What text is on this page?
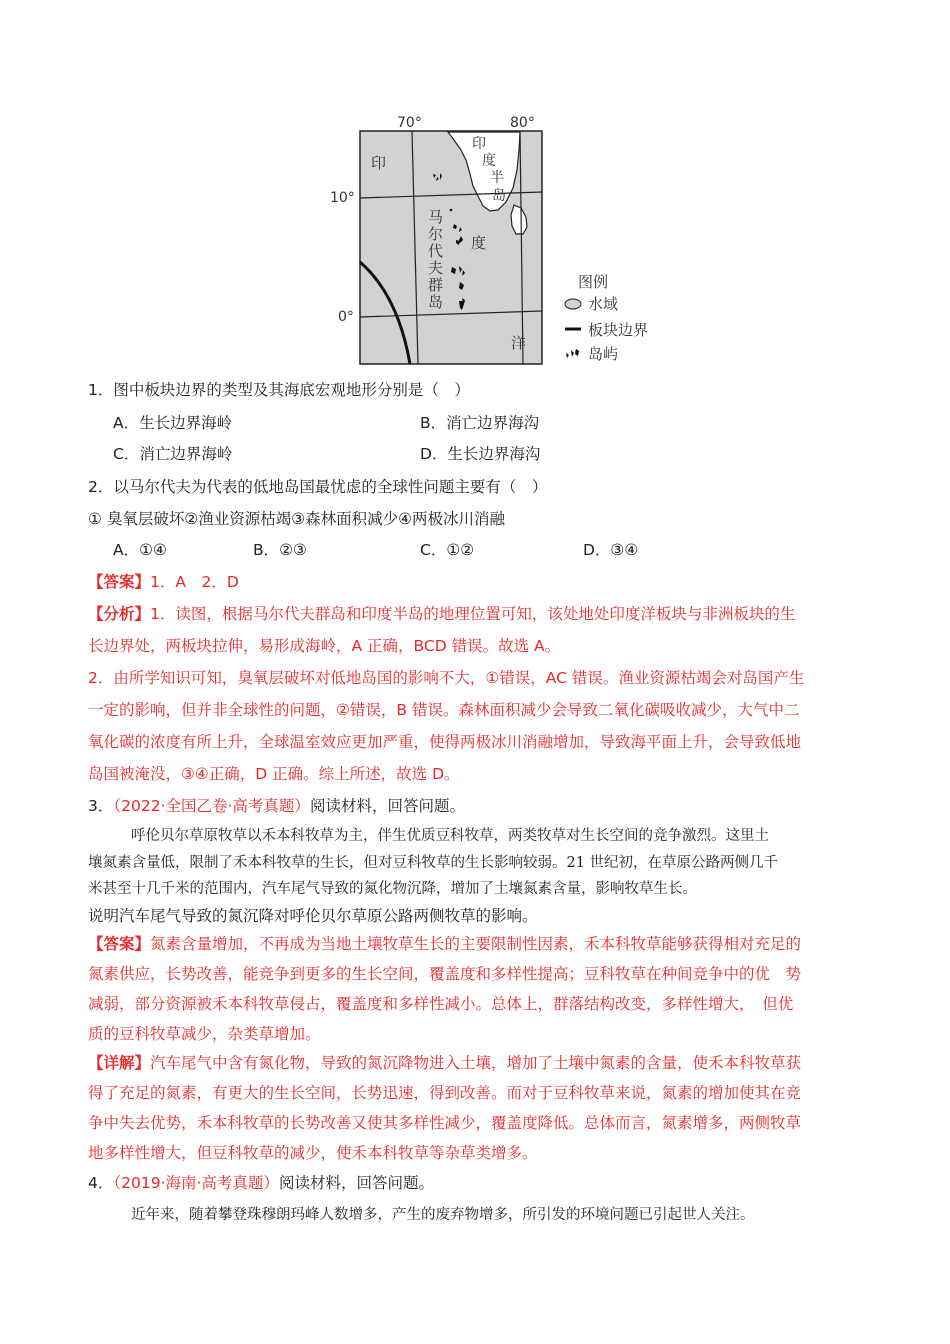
70°	80°
10°
0°
印
度
洋
印
度
半
岛
马
尔
代
夫
群
岛
图例
水域
板块边界
岛屿
1．图中板块边界的类型及其海底宏观地形分别是（　）
A．生长边界海岭	B．消亡边界海沟
C．消亡边界海岭	D．生长边界海沟
2．以马尔代夫为代表的低地岛国最忧虑的全球性问题主要有（　）
① 臭氧层破坏②渔业资源枯竭③森林面积减少④两极冰川消融
A．①④	B．②③	C．①②	D．③④
【答案】1．A　2．D
【分析】1．读图，根据马尔代夫群岛和印度半岛的地理位置可知，该处地处印度洋板块与非洲板块的生
长边界处，两板块拉伸，易形成海岭，A 正确，BCD 错误。故选 A。
2．由所学知识可知，臭氧层破坏对低地岛国的影响不大，①错误，AC 错误。渔业资源枯竭会对岛国产生
一定的影响，但并非全球性的问题，②错误，B 错误。森林面积减少会导致二氧化碳吸收减少，大气中二
氧化碳的浓度有所上升，全球温室效应更加严重，使得两极冰川消融增加，导致海平面上升，会导致低地
岛国被淹没，③④正确，D 正确。综上所述，故选 D。
3．（2022·全国乙卷·高考真题）阅读材料，回答问题。
呼伦贝尔草原牧草以禾本科牧草为主，伴生优质豆科牧草，两类牧草对生长空间的竞争激烈。这里土
壤氮素含量低，限制了禾本科牧草的生长，但对豆科牧草的生长影响较弱。21 世纪初，在草原公路两侧几千
米甚至十几千米的范围内，汽车尾气导致的氮化物沉降，增加了土壤氮素含量，影响牧草生长。
说明汽车尾气导致的氮沉降对呼伦贝尔草原公路两侧牧草的影响。
【答案】氮素含量增加，不再成为当地土壤牧草生长的主要限制性因素，禾本科牧草能够获得相对充足的
氮素供应，长势改善，能竞争到更多的生长空间，覆盖度和多样性提高；豆科牧草在种间竞争中的优　势
减弱，部分资源被禾本科牧草侵占，覆盖度和多样性减小。总体上，群落结构改变，多样性增大，　但优
质的豆科牧草减少，杂类草增加。
【详解】汽车尾气中含有氮化物，导致的氮沉降物进入土壤，增加了土壤中氮素的含量，使禾本科牧草获
得了充足的氮素，有更大的生长空间，长势迅速，得到改善。而对于豆科牧草来说，氮素的增加使其在竞
争中失去优势，禾本科牧草的长势改善又使其多样性减少，覆盖度降低。总体而言，氮素增多，两侧牧草
地多样性增大，但豆科牧草的减少，使禾本科牧草等杂草类增多。
4．（2019·海南·高考真题）阅读材料，回答问题。
近年来，随着攀登珠穆朗玛峰人数增多，产生的废弃物增多，所引发的环境问题已引起世人关注。
